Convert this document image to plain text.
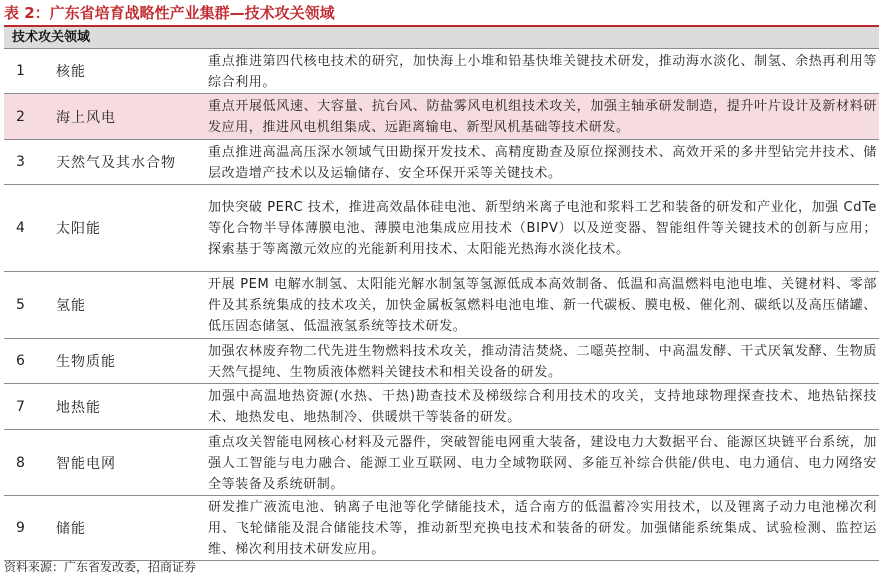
表 2：广东省培育战略性产业集群—技术攻关领域
技术攻关领域
1	核能
重点推进第四代核电技术的研究，加快海上小堆和铅基快堆关键技术研发，推动海水淡化、制氢、余热再利用等综合利用。
2	海上风电
重点开展低风速、大容量、抗台风、防盐雾风电机组技术攻关，加强主轴承研发制造，提升叶片设计及新材料研发应用，推进风电机组集成、远距离输电、新型风机基础等技术研发。
3	天然气及其水合物
重点推进高温高压深水领域气田勘探开发技术、高精度勘查及原位探测技术、高效开采的多井型钻完井技术、储层改造增产技术以及运输储存、安全环保开采等关键技术。
4	太阳能
加快突破 PERC 技术，推进高效晶体硅电池、新型纳米离子电池和浆料工艺和装备的研发和产业化，加强 CdTe 等化合物半导体薄膜电池、薄膜电池集成应用技术（BIPV）以及逆变器、智能组件等关键技术的创新与应用；探索基于等离激元效应的光能新利用技术、太阳能光热海水淡化技术。
5	氢能
开展 PEM 电解水制氢、太阳能光解水制氢等氢源低成本高效制备、低温和高温燃料电池电堆、关键材料、零部件及其系统集成的技术攻关，加快金属板氢燃料电池电堆、新一代碳板、膜电极、催化剂、碳纸以及高压储罐、低压固态储氢、低温液氢系统等技术研发。
6	生物质能
加强农林废弃物二代先进生物燃料技术攻关，推动清洁焚烧、二噁英控制、中高温发酵、干式厌氧发酵、生物质天然气提纯、生物质液体燃料关键技术和相关设备的研发。
7	地热能
加强中高温地热资源(水热、干热)勘查技术及梯级综合利用技术的攻关，支持地球物理探查技术、地热钻探技术、地热发电、地热制冷、供暖烘干等装备的研发。
8	智能电网
重点攻关智能电网核心材料及元器件，突破智能电网重大装备，建设电力大数据平台、能源区块链平台系统，加强人工智能与电力融合、能源工业互联网、电力全域物联网、多能互补综合供能/供电、电力通信、电力网络安全等装备及系统研制。
9	储能
研发推广液流电池、钠离子电池等化学储能技术，适合南方的低温蓄冷实用技术，以及锂离子动力电池梯次利用、飞轮储能及混合储能技术等，推动新型充换电技术和装备的研发。加强储能系统集成、试验检测、监控运维、梯次利用技术研发应用。
资料来源：广东省发改委，招商证券
